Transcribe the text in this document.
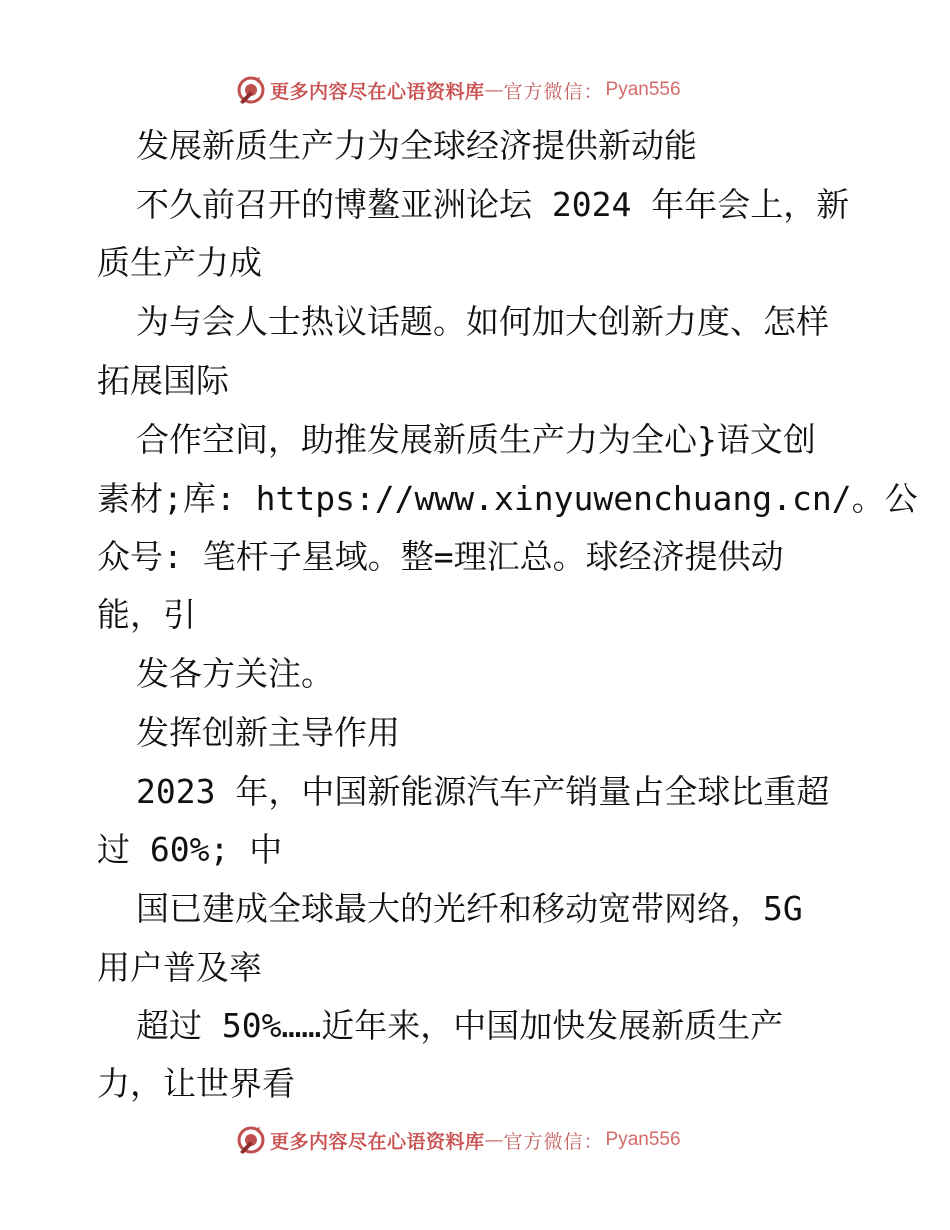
更多内容尽在心语资料库 — 官方微信： Pyan556

发展新质生产力为全球经济提供新动能

不久前召开的博鳌亚洲论坛 2024 年年会上，新

质生产力成

为与会人士热议话题。如何加大创新力度、怎样

拓展国际

合作空间，助推发展新质生产力为全心}语文创

素材;库: https://www.xinyuwenchuang.cn/。公

众号: 笔杆子星域。整=理汇总。球经济提供动

能，引

发各方关注。

发挥创新主导作用

2023 年，中国新能源汽车产销量占全球比重超

过 60%; 中

国已建成全球最大的光纤和移动宽带网络，5G

用户普及率

超过 50%……近年来，中国加快发展新质生产

力，让世界看

更多内容尽在心语资料库 — 官方微信： Pyan556
